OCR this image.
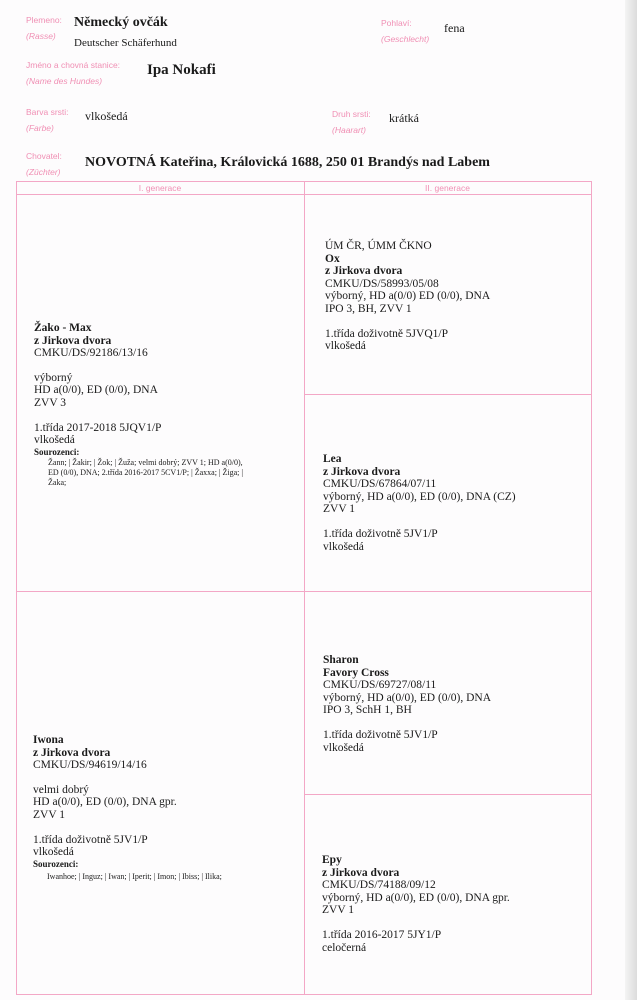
Plemeno:
(Rasse)
Německý ovčák
Deutscher Schäferhund
Pohlaví:
(Geschlecht)
fena
Jméno a chovná stanice:
(Name des Hundes)
Ipa Nokafi
Barva srsti:
(Farbe)
vlkošedá	Druh srsti:
(Haarart)
krátká
Chovatel:
(Züchter)
NOVOTNÁ Kateřina, Královická 1688, 250 01 Brandýs nad Labem
I. generace	II. generace
Žako - Max
z Jirkova dvora
CMKU/DS/92186/13/16
výborný
HD a(0/0), ED (0/0), DNA
ZVV 3
1.třída 2017-2018 5JQV1/P
vlkošedá
Sourozenci:
Žann; | Žakir; | Žok; | Žuža; velmi dobrý; ZVV 1; HD a(0/0),
ED (0/0), DNA; 2.třída 2016-2017 5CV1/P; | Žaxxa; | Žiga; |
Žaka;
ÚM ČR, ÚMM ČKNO
Ox
z Jirkova dvora
CMKU/DS/58993/05/08
výborný, HD a(0/0) ED (0/0), DNA
IPO 3, BH, ZVV 1
1.třída doživotně 5JVQ1/P
vlkošedá
Lea
z Jirkova dvora
CMKU/DS/67864/07/11
výborný, HD a(0/0), ED (0/0), DNA (CZ)
ZVV 1
1.třída doživotně 5JV1/P
vlkošedá
Iwona
z Jirkova dvora
CMKU/DS/94619/14/16
velmi dobrý
HD a(0/0), ED (0/0), DNA gpr.
ZVV 1
1.třída doživotně 5JV1/P
vlkošedá
Sourozenci:
Iwanhoe; | Inguz; | Iwan; | Iperit; | Imon; | Ibiss; | Ilika;
Sharon
Favory Cross
CMKU/DS/69727/08/11
výborný, HD a(0/0), ED (0/0), DNA
IPO 3, SchH 1, BH
1.třída doživotně 5JV1/P
vlkošedá
Epy
z Jirkova dvora
CMKU/DS/74188/09/12
výborný, HD a(0/0), ED (0/0), DNA gpr.
ZVV 1
1.třída 2016-2017 5JY1/P
celočerná
